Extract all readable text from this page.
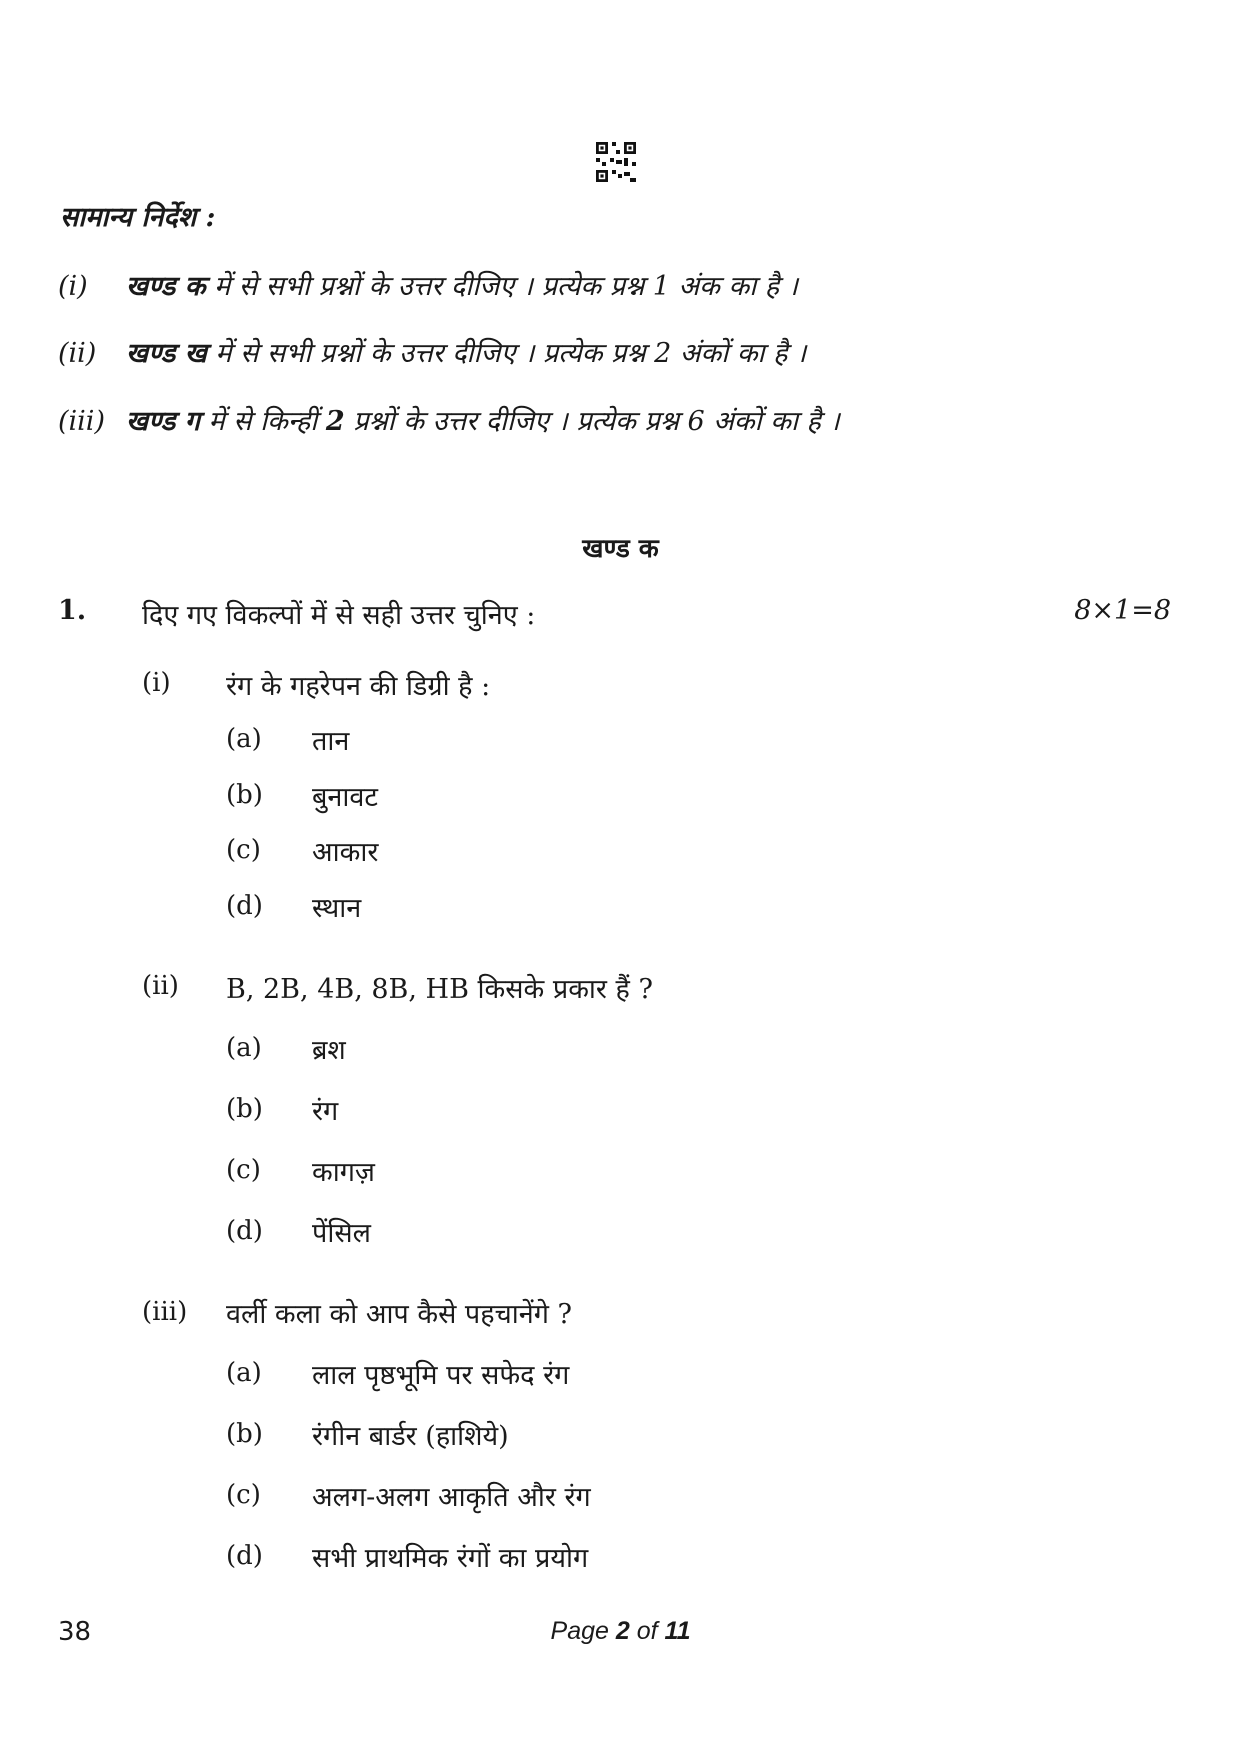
सामान्य निर्देश :
(i) खण्ड क में से सभी प्रश्नों के उत्तर दीजिए । प्रत्येक प्रश्न 1 अंक का है ।
(ii) खण्ड ख में से सभी प्रश्नों के उत्तर दीजिए । प्रत्येक प्रश्न 2 अंकों का है ।
(iii) खण्ड ग में से किन्हीं 2 प्रश्नों के उत्तर दीजिए । प्रत्येक प्रश्न 6 अंकों का है ।
खण्ड क
1. दिए गए विकल्पों में से सही उत्तर चुनिए :	8×1=8
(i) रंग के गहरेपन की डिग्री है :
(a) तान
(b) बुनावट
(c) आकार
(d) स्थान
(ii) B, 2B, 4B, 8B, HB किसके प्रकार हैं ?
(a) ब्रश
(b) रंग
(c) कागज़
(d) पेंसिल
(iii) वर्ली कला को आप कैसे पहचानेंगे ?
(a) लाल पृष्ठभूमि पर सफेद रंग
(b) रंगीन बार्डर (हाशिये)
(c) अलग-अलग आकृति और रंग
(d) सभी प्राथमिक रंगों का प्रयोग
38	Page 2 of 11
